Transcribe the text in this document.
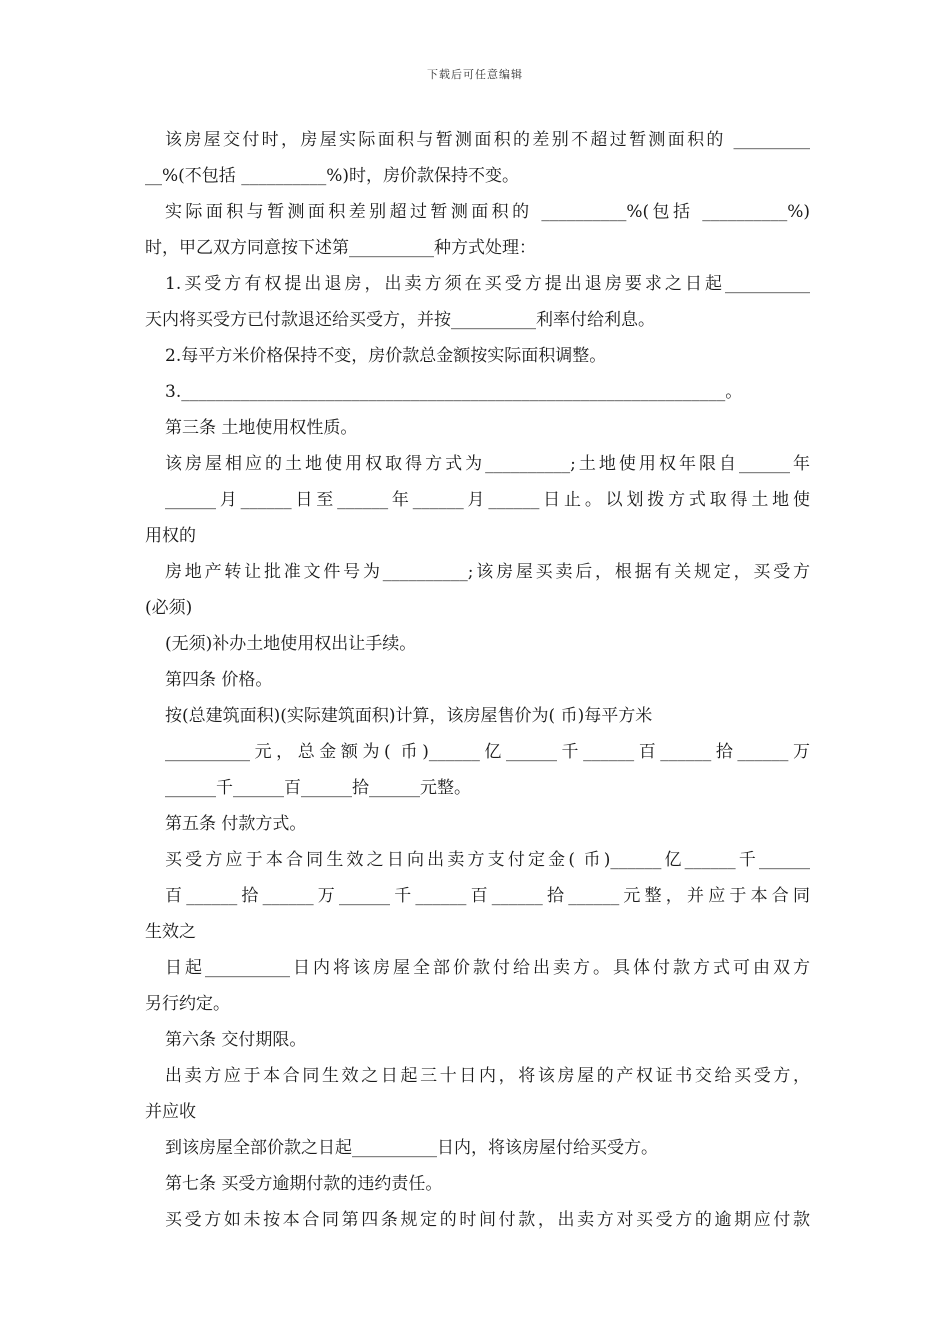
下载后可任意编辑
该房屋交付时，房屋实际面积与暂测面积的差别不超过暂测面积的 _________
__%(不包括 __________%)时，房价款保持不变。
实际面积与暂测面积差别超过暂测面积的 __________%(包括 __________%)
时，甲乙双方同意按下述第__________种方式处理：
1.买受方有权提出退房，出卖方须在买受方提出退房要求之日起__________
天内将买受方已付款退还给买受方，并按__________利率付给利息。
2.每平方米价格保持不变，房价款总金额按实际面积调整。
3.________________________________________________________________。
第三条 土地使用权性质。
该房屋相应的土地使用权取得方式为__________;土地使用权年限自______年
______月______日至______年______月______日止。以划拨方式取得土地使
用权的
房地产转让批准文件号为__________;该房屋买卖后，根据有关规定，买受方
(必须)
(无须)补办土地使用权出让手续。
第四条 价格。
按(总建筑面积)(实际建筑面积)计算，该房屋售价为( 币)每平方米
__________元，总金额为( 币)______亿______千______百______拾______万
______千______百______拾______元整。
第五条 付款方式。
买受方应于本合同生效之日向出卖方支付定金( 币)______亿______千______
百______拾______万______千______百______拾______元整，并应于本合同
生效之
日起__________日内将该房屋全部价款付给出卖方。具体付款方式可由双方
另行约定。
第六条 交付期限。
出卖方应于本合同生效之日起三十日内，将该房屋的产权证书交给买受方，
并应收
到该房屋全部价款之日起__________日内，将该房屋付给买受方。
第七条 买受方逾期付款的违约责任。
买受方如未按本合同第四条规定的时间付款，出卖方对买受方的逾期应付款
